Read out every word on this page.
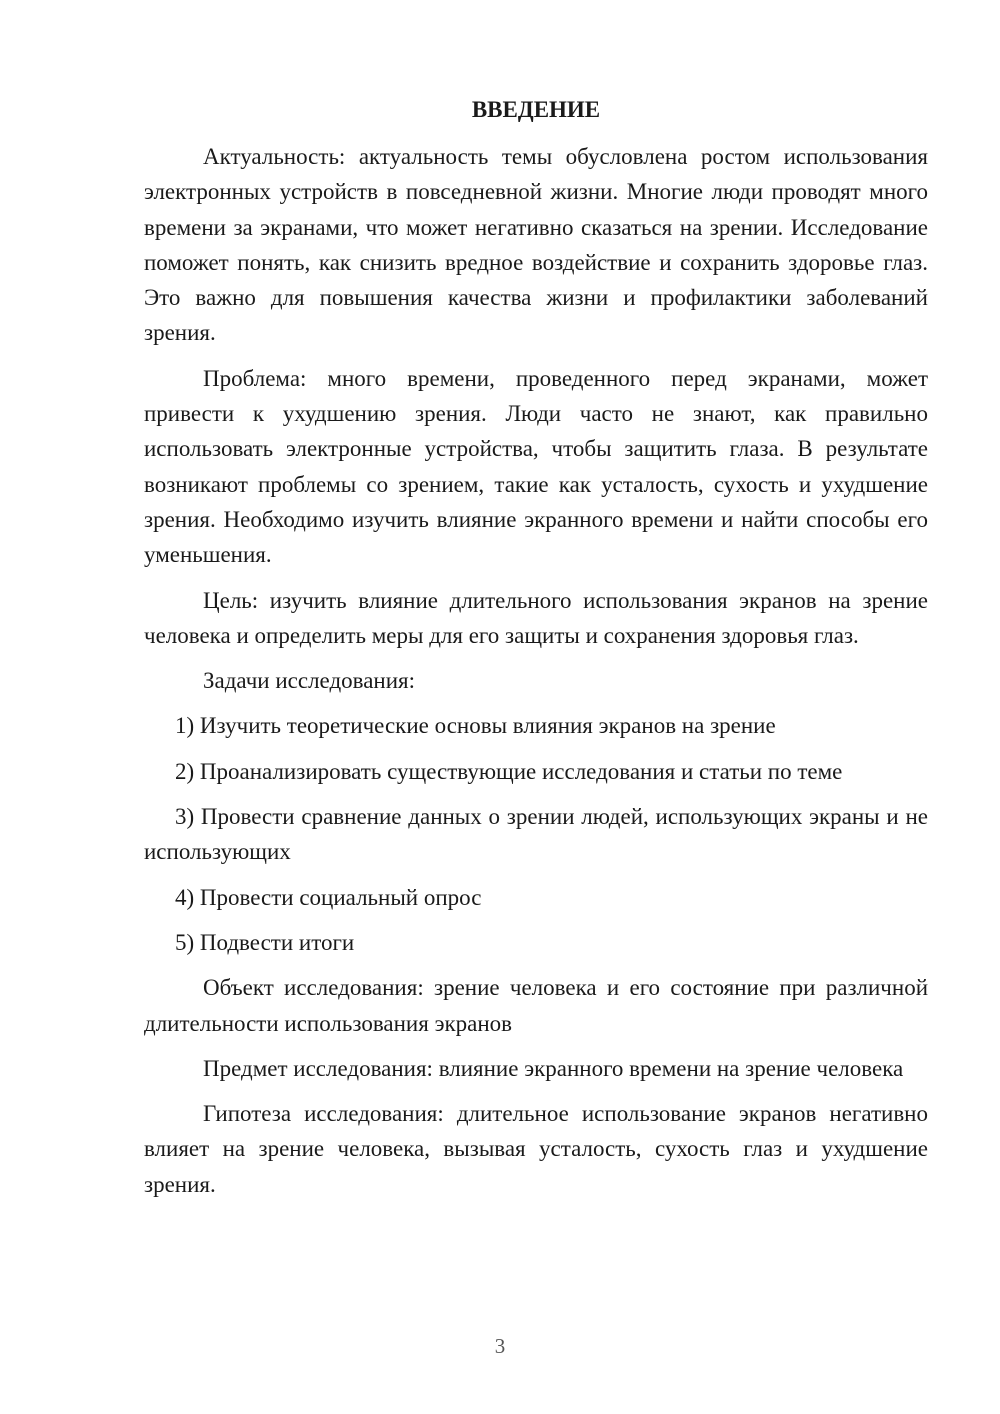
ВВЕДЕНИЕ

Актуальность: актуальность темы обусловлена ростом использования электронных устройств в повседневной жизни. Многие люди проводят много времени за экранами, что может негативно сказаться на зрении. Исследование поможет понять, как снизить вредное воздействие и сохранить здоровье глаз. Это важно для повышения качества жизни и профилактики заболеваний зрения.

Проблема: много времени, проведенного перед экранами, может привести к ухудшению зрения. Люди часто не знают, как правильно использовать электронные устройства, чтобы защитить глаза. В результате возникают проблемы со зрением, такие как усталость, сухость и ухудшение зрения. Необходимо изучить влияние экранного времени и найти способы его уменьшения.

Цель: изучить влияние длительного использования экранов на зрение человека и определить меры для его защиты и сохранения здоровья глаз.

Задачи исследования:

1) Изучить теоретические основы влияния экранов на зрение

2) Проанализировать существующие исследования и статьи по теме

3) Провести сравнение данных о зрении людей, использующих экраны и не использующих

4) Провести социальный опрос

5) Подвести итоги

Объект исследования: зрение человека и его состояние при различной длительности использования экранов

Предмет исследования: влияние экранного времени на зрение человека

Гипотеза исследования: длительное использование экранов негативно влияет на зрение человека, вызывая усталость, сухость глаз и ухудшение зрения.

3
